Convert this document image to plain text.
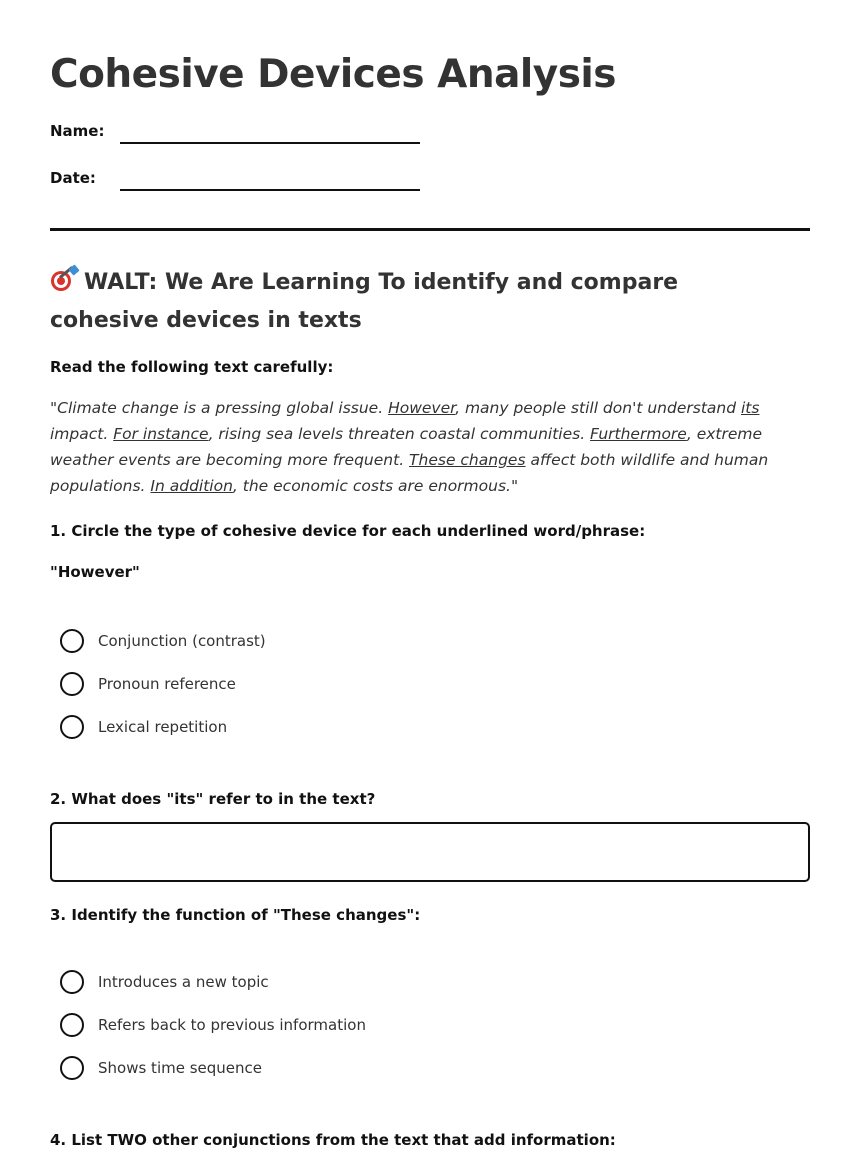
Cohesive Devices Analysis
Name:
Date:
WALT: We Are Learning To identify and compare cohesive devices in texts

Read the following text carefully:

"Climate change is a pressing global issue. However, many people still don't understand its impact. For instance, rising sea levels threaten coastal communities. Furthermore, extreme weather events are becoming more frequent. These changes affect both wildlife and human populations. In addition, the economic costs are enormous."

1. Circle the type of cohesive device for each underlined word/phrase:

"However"

Conjunction (contrast)
Pronoun reference
Lexical repetition

2. What does "its" refer to in the text?

3. Identify the function of "These changes":

Introduces a new topic
Refers back to previous information
Shows time sequence

4. List TWO other conjunctions from the text that add information:
